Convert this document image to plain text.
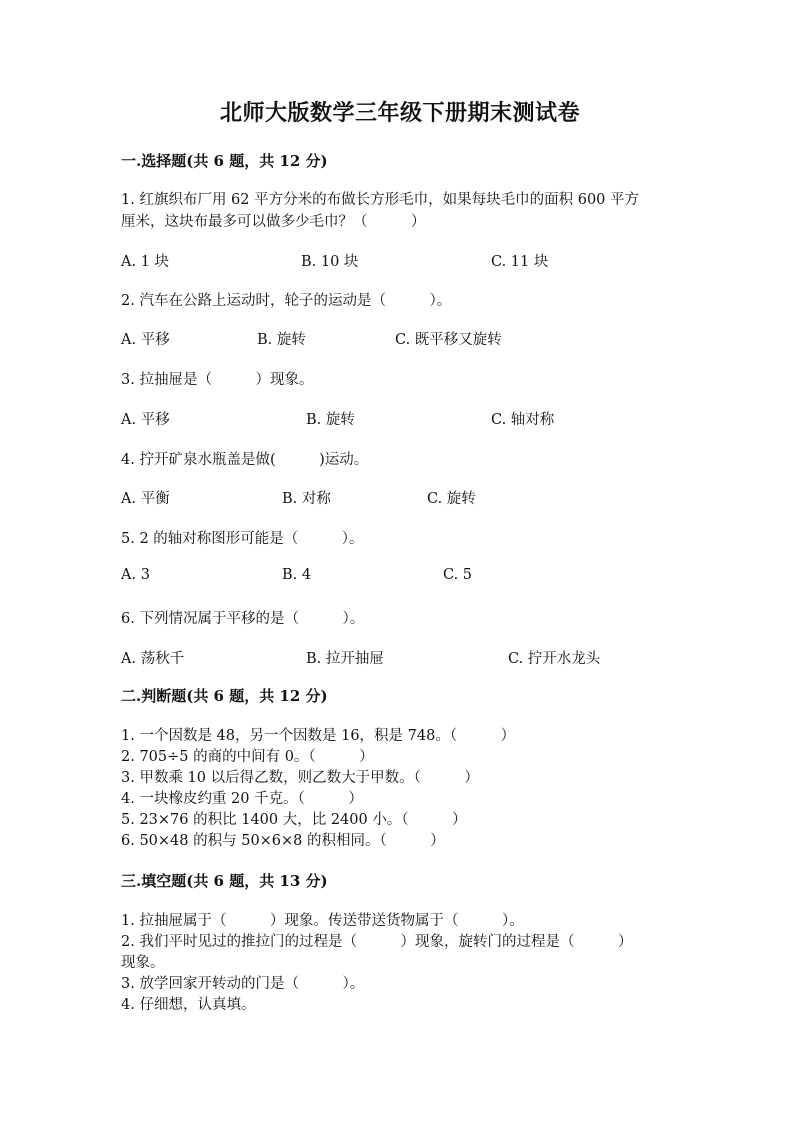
北师大版数学三年级下册期末测试卷
一.选择题(共 6 题，共 12 分)
1. 红旗织布厂用 62 平方分米的布做长方形毛巾，如果每块毛巾的面积 600 平方
厘米，这块布最多可以做多少毛巾？（　　　）
A. 1 块	B. 10 块	C. 11 块
2. 汽车在公路上运动时，轮子的运动是（　　　）。
A. 平移	B. 旋转	C. 既平移又旋转
3. 拉抽屉是（　　　）现象。
A. 平移	B. 旋转	C. 轴对称
4. 拧开矿泉水瓶盖是做(　　　)运动。
A. 平衡	B. 对称	C. 旋转
5. 2 的轴对称图形可能是（　　　）。
A. 3	B. 4	C. 5
6. 下列情况属于平移的是（　　　）。
A. 荡秋千	B. 拉开抽屉	C. 拧开水龙头
二.判断题(共 6 题，共 12 分)
1. 一个因数是 48，另一个因数是 16，积是 748。（　　　）
2. 705÷5 的商的中间有 0。（　　　）
3. 甲数乘 10 以后得乙数，则乙数大于甲数。（　　　）
4. 一块橡皮约重 20 千克。（　　　）
5. 23×76 的积比 1400 大，比 2400 小。（　　　）
6. 50×48 的积与 50×6×8 的积相同。（　　　）
三.填空题(共 6 题，共 13 分)
1. 拉抽屉属于（　　　）现象。传送带送货物属于（　　　）。
2. 我们平时见过的推拉门的过程是（　　　）现象，旋转门的过程是（　　　）
现象。
3. 放学回家开转动的门是（　　　）。
4. 仔细想，认真填。
